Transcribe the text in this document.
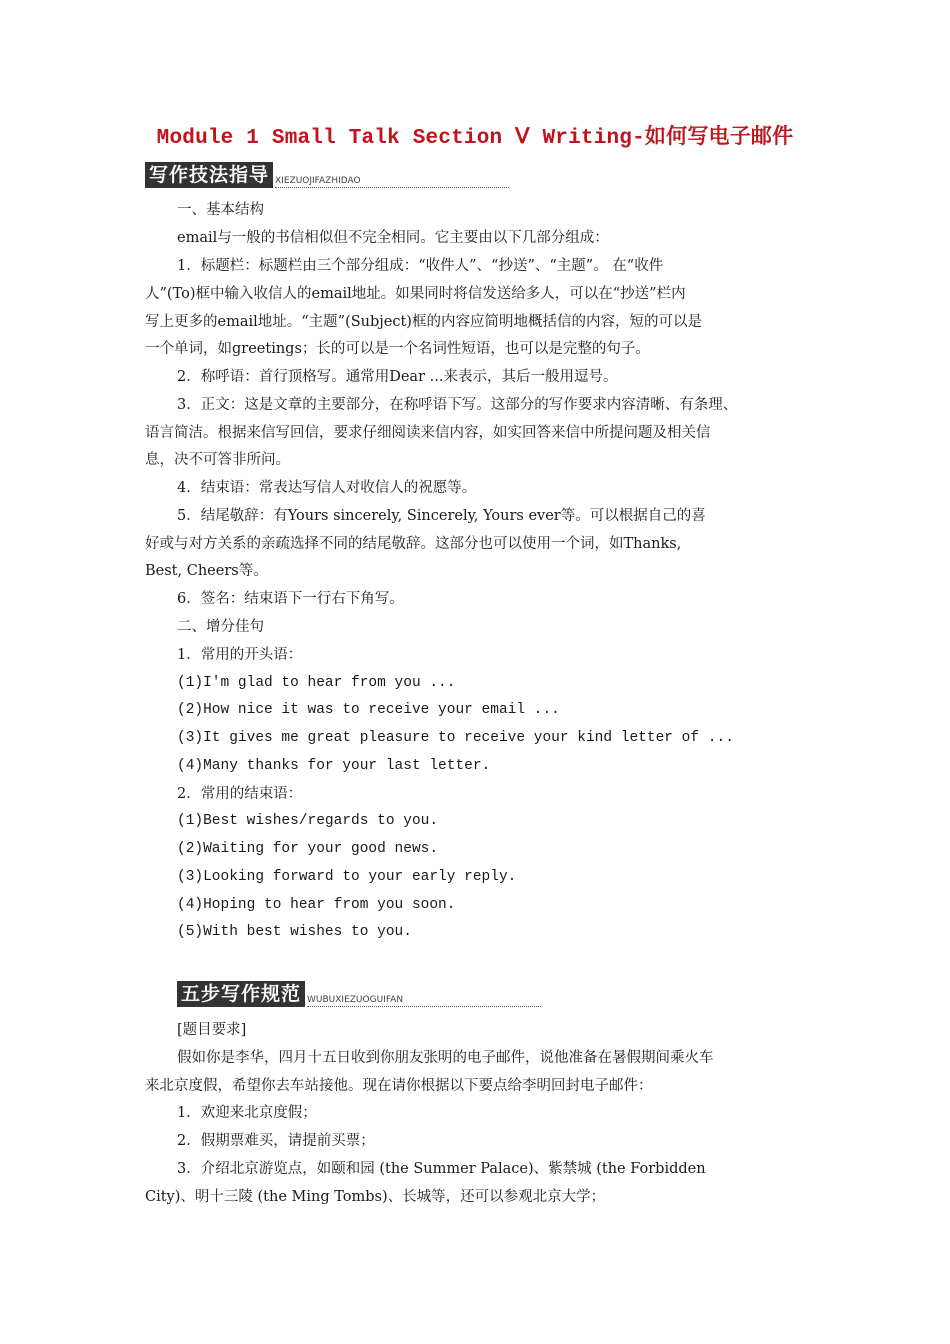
Module 1 Small Talk Section Ⅴ Writing-如何写电子邮件
写作技法指导 XIEZUOJIFAZHIDAO
一、基本结构
email与一般的书信相似但不完全相同。它主要由以下几部分组成：
1．标题栏：标题栏由三个部分组成：“收件人”、“抄送”、“主题”。 在“收件
人”(To)框中输入收信人的email地址。如果同时将信发送给多人，可以在“抄送”栏内
写上更多的email地址。“主题”(Subject)框的内容应简明地概括信的内容，短的可以是
一个单词，如greetings；长的可以是一个名词性短语，也可以是完整的句子。
2．称呼语：首行顶格写。通常用Dear ...来表示，其后一般用逗号。
3．正文：这是文章的主要部分，在称呼语下写。这部分的写作要求内容清晰、有条理、
语言简洁。根据来信写回信，要求仔细阅读来信内容，如实回答来信中所提问题及相关信
息，决不可答非所问。
4．结束语：常表达写信人对收信人的祝愿等。
5．结尾敬辞：有Yours sincerely, Sincerely, Yours ever等。可以根据自己的喜
好或与对方关系的亲疏选择不同的结尾敬辞。这部分也可以使用一个词，如Thanks,
Best, Cheers等。
6．签名：结束语下一行右下角写。
二、增分佳句
1．常用的开头语：
(1)I'm glad to hear from you ...
(2)How nice it was to receive your email ...
(3)It gives me great pleasure to receive your kind letter of ...
(4)Many thanks for your last letter.
2．常用的结束语：
(1)Best wishes/regards to you.
(2)Waiting for your good news.
(3)Looking forward to your early reply.
(4)Hoping to hear from you soon.
(5)With best wishes to you.
五步写作规范 WUBUXIEZUOGUIFAN
[题目要求]
假如你是李华，四月十五日收到你朋友张明的电子邮件，说他准备在暑假期间乘火车
来北京度假，希望你去车站接他。现在请你根据以下要点给李明回封电子邮件：
1．欢迎来北京度假；
2．假期票难买，请提前买票；
3．介绍北京游览点，如颐和园 (the Summer Palace)、紫禁城 (the Forbidden
City)、明十三陵 (the Ming Tombs)、长城等，还可以参观北京大学；
